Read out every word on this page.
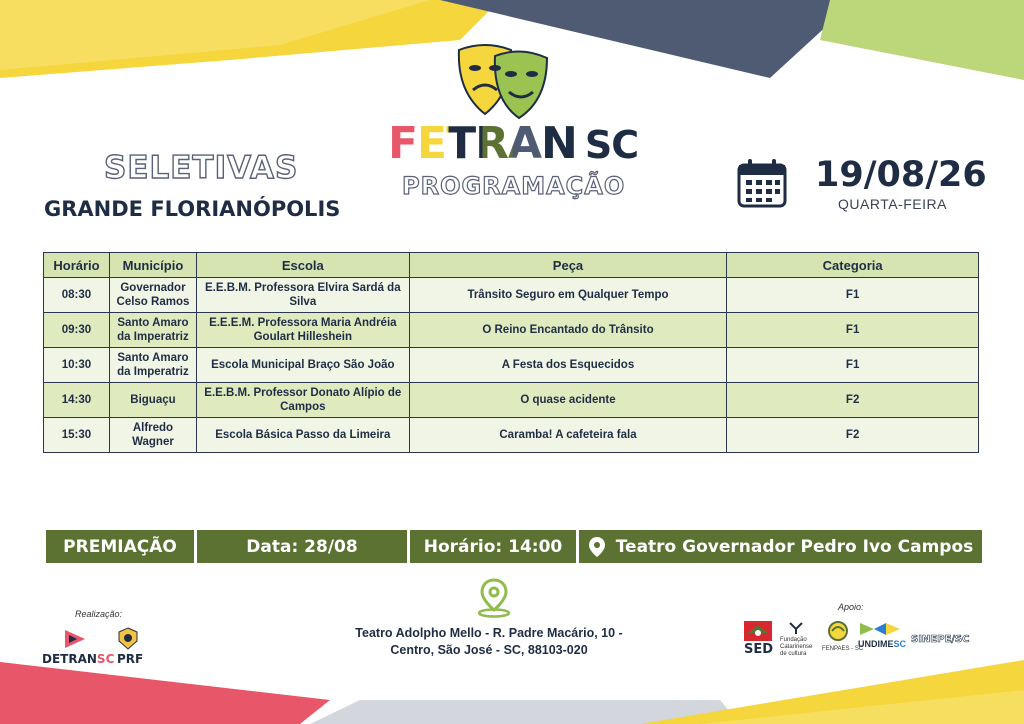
FETRAN SC
PROGRAMAÇÃO
SELETIVAS
GRANDE FLORIANÓPOLIS
19/08/26
QUARTA-FEIRA
Horário	Município	Escola	Peça	Categoria
08:30	Governador Celso Ramos	E.E.B.M. Professora Elvira Sardá da Silva	Trânsito Seguro em Qualquer Tempo	F1
09:30	Santo Amaro da Imperatriz	E.E.E.M. Professora Maria Andréia Goulart Hilleshein	O Reino Encantado do Trânsito	F1
10:30	Santo Amaro da Imperatriz	Escola Municipal Braço São João	A Festa dos Esquecidos	F1
14:30	Biguaçu	E.E.B.M. Professor Donato Alípio de Campos	O quase acidente	F2
15:30	Alfredo Wagner	Escola Básica Passo da Limeira	Caramba! A cafeteira fala	F2
PREMIAÇÃO	Data: 28/08	Horário: 14:00	Teatro Governador Pedro Ivo Campos
Teatro Adolpho Mello - R. Padre Macário, 10 -
Centro, São José - SC, 88103-020
Realização:
DETRANSC PRF
Apoio:
SED
Fundação Catarinense de cultura
FENPAES - SC
UNDIMESC SINEPE/SC
